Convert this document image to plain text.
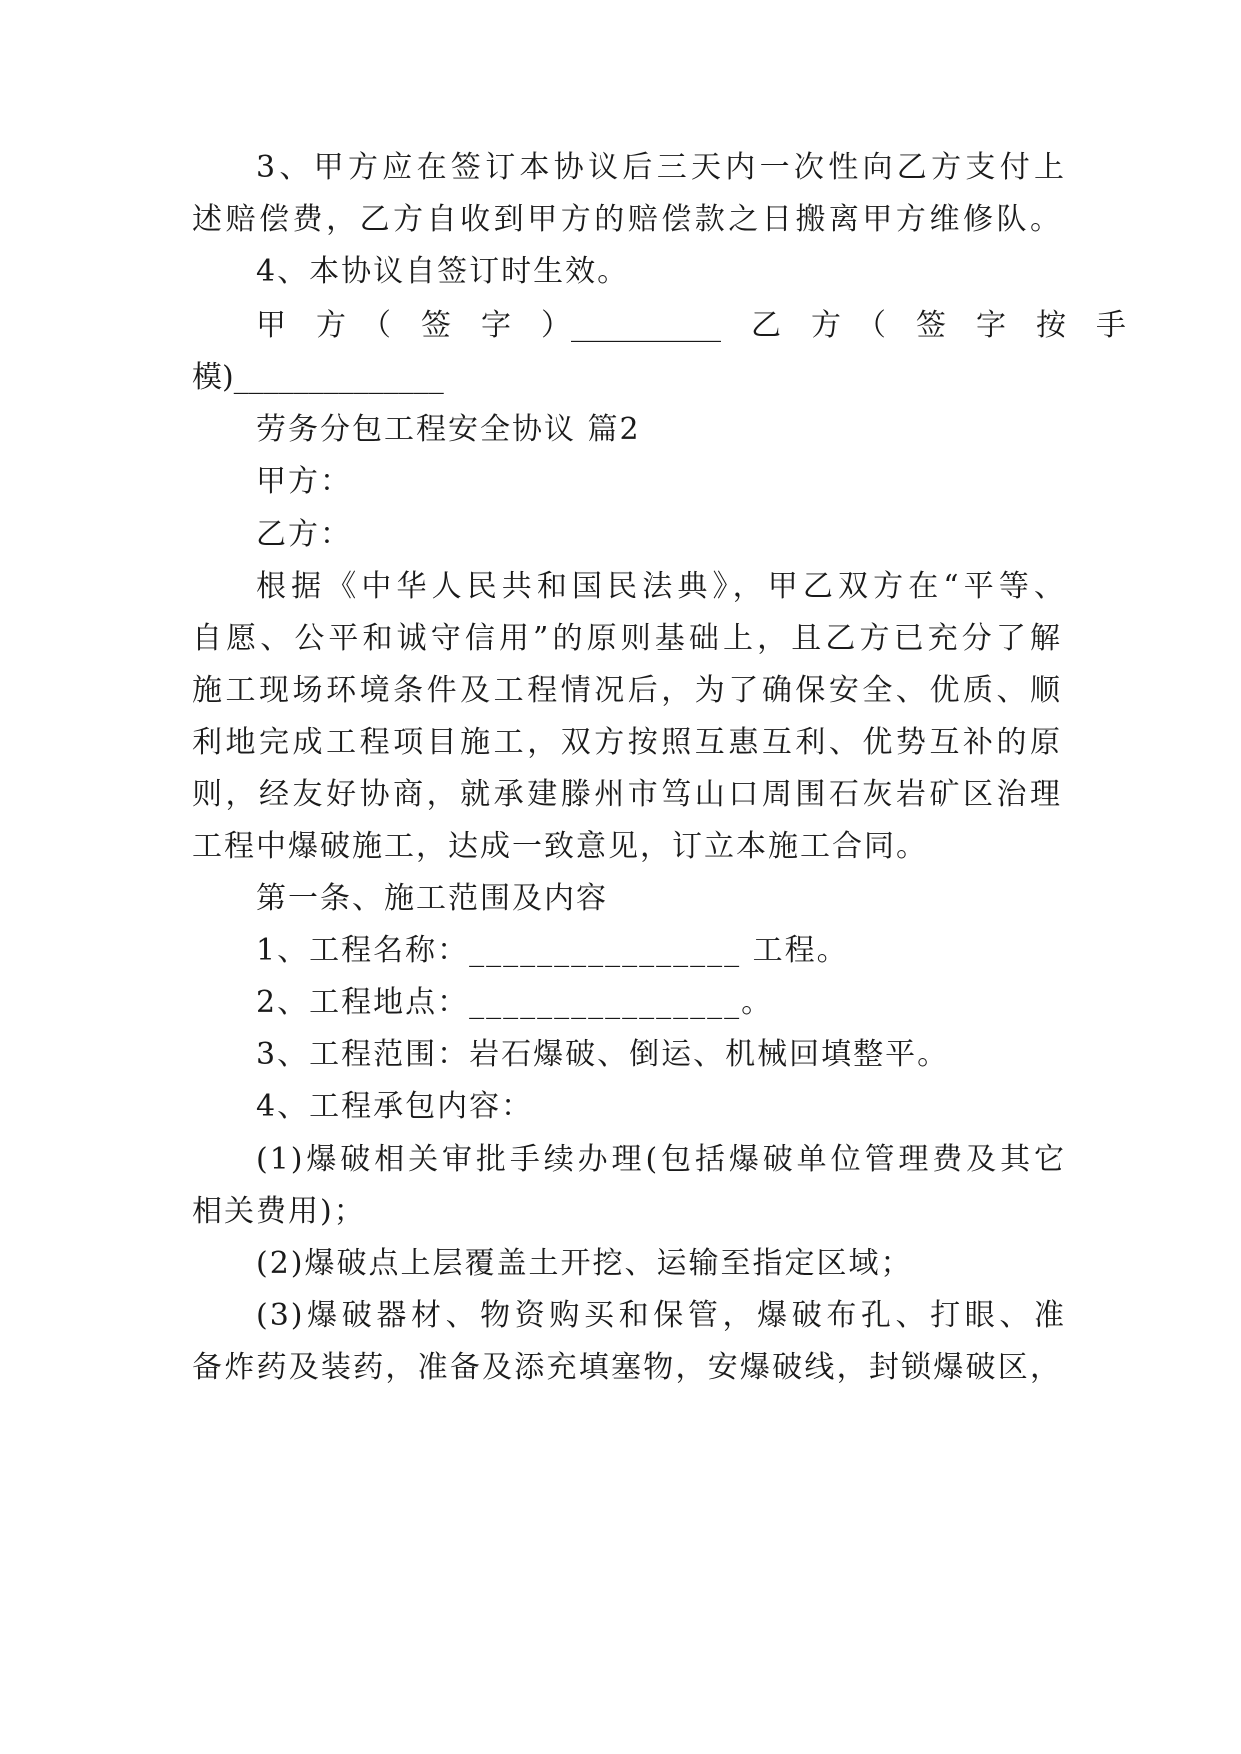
3、甲方应在签订本协议后三天内一次性向乙方支付上
述赔偿费，乙方自收到甲方的赔偿款之日搬离甲方维修队。
4、本协议自签订时生效。
甲　方　（　签　字　）__________　乙　方　（　签　字　按　手
模)______________
劳务分包工程安全协议 篇2
甲方：
乙方：
根据《中华人民共和国民法典》，甲乙双方在“平等、
自愿、公平和诚守信用”的原则基础上，且乙方已充分了解
施工现场环境条件及工程情况后，为了确保安全、优质、顺
利地完成工程项目施工，双方按照互惠互利、优势互补的原
则，经友好协商，就承建滕州市笃山口周围石灰岩矿区治理
工程中爆破施工，达成一致意见，订立本施工合同。
第一条、施工范围及内容
1、工程名称：________________ 工程。
2、工程地点：________________。
3、工程范围：岩石爆破、倒运、机械回填整平。
4、工程承包内容：
(1)爆破相关审批手续办理(包括爆破单位管理费及其它
相关费用)；
(2)爆破点上层覆盖土开挖、运输至指定区域；
(3)爆破器材、物资购买和保管，爆破布孔、打眼、准
备炸药及装药，准备及添充填塞物，安爆破线，封锁爆破区，
